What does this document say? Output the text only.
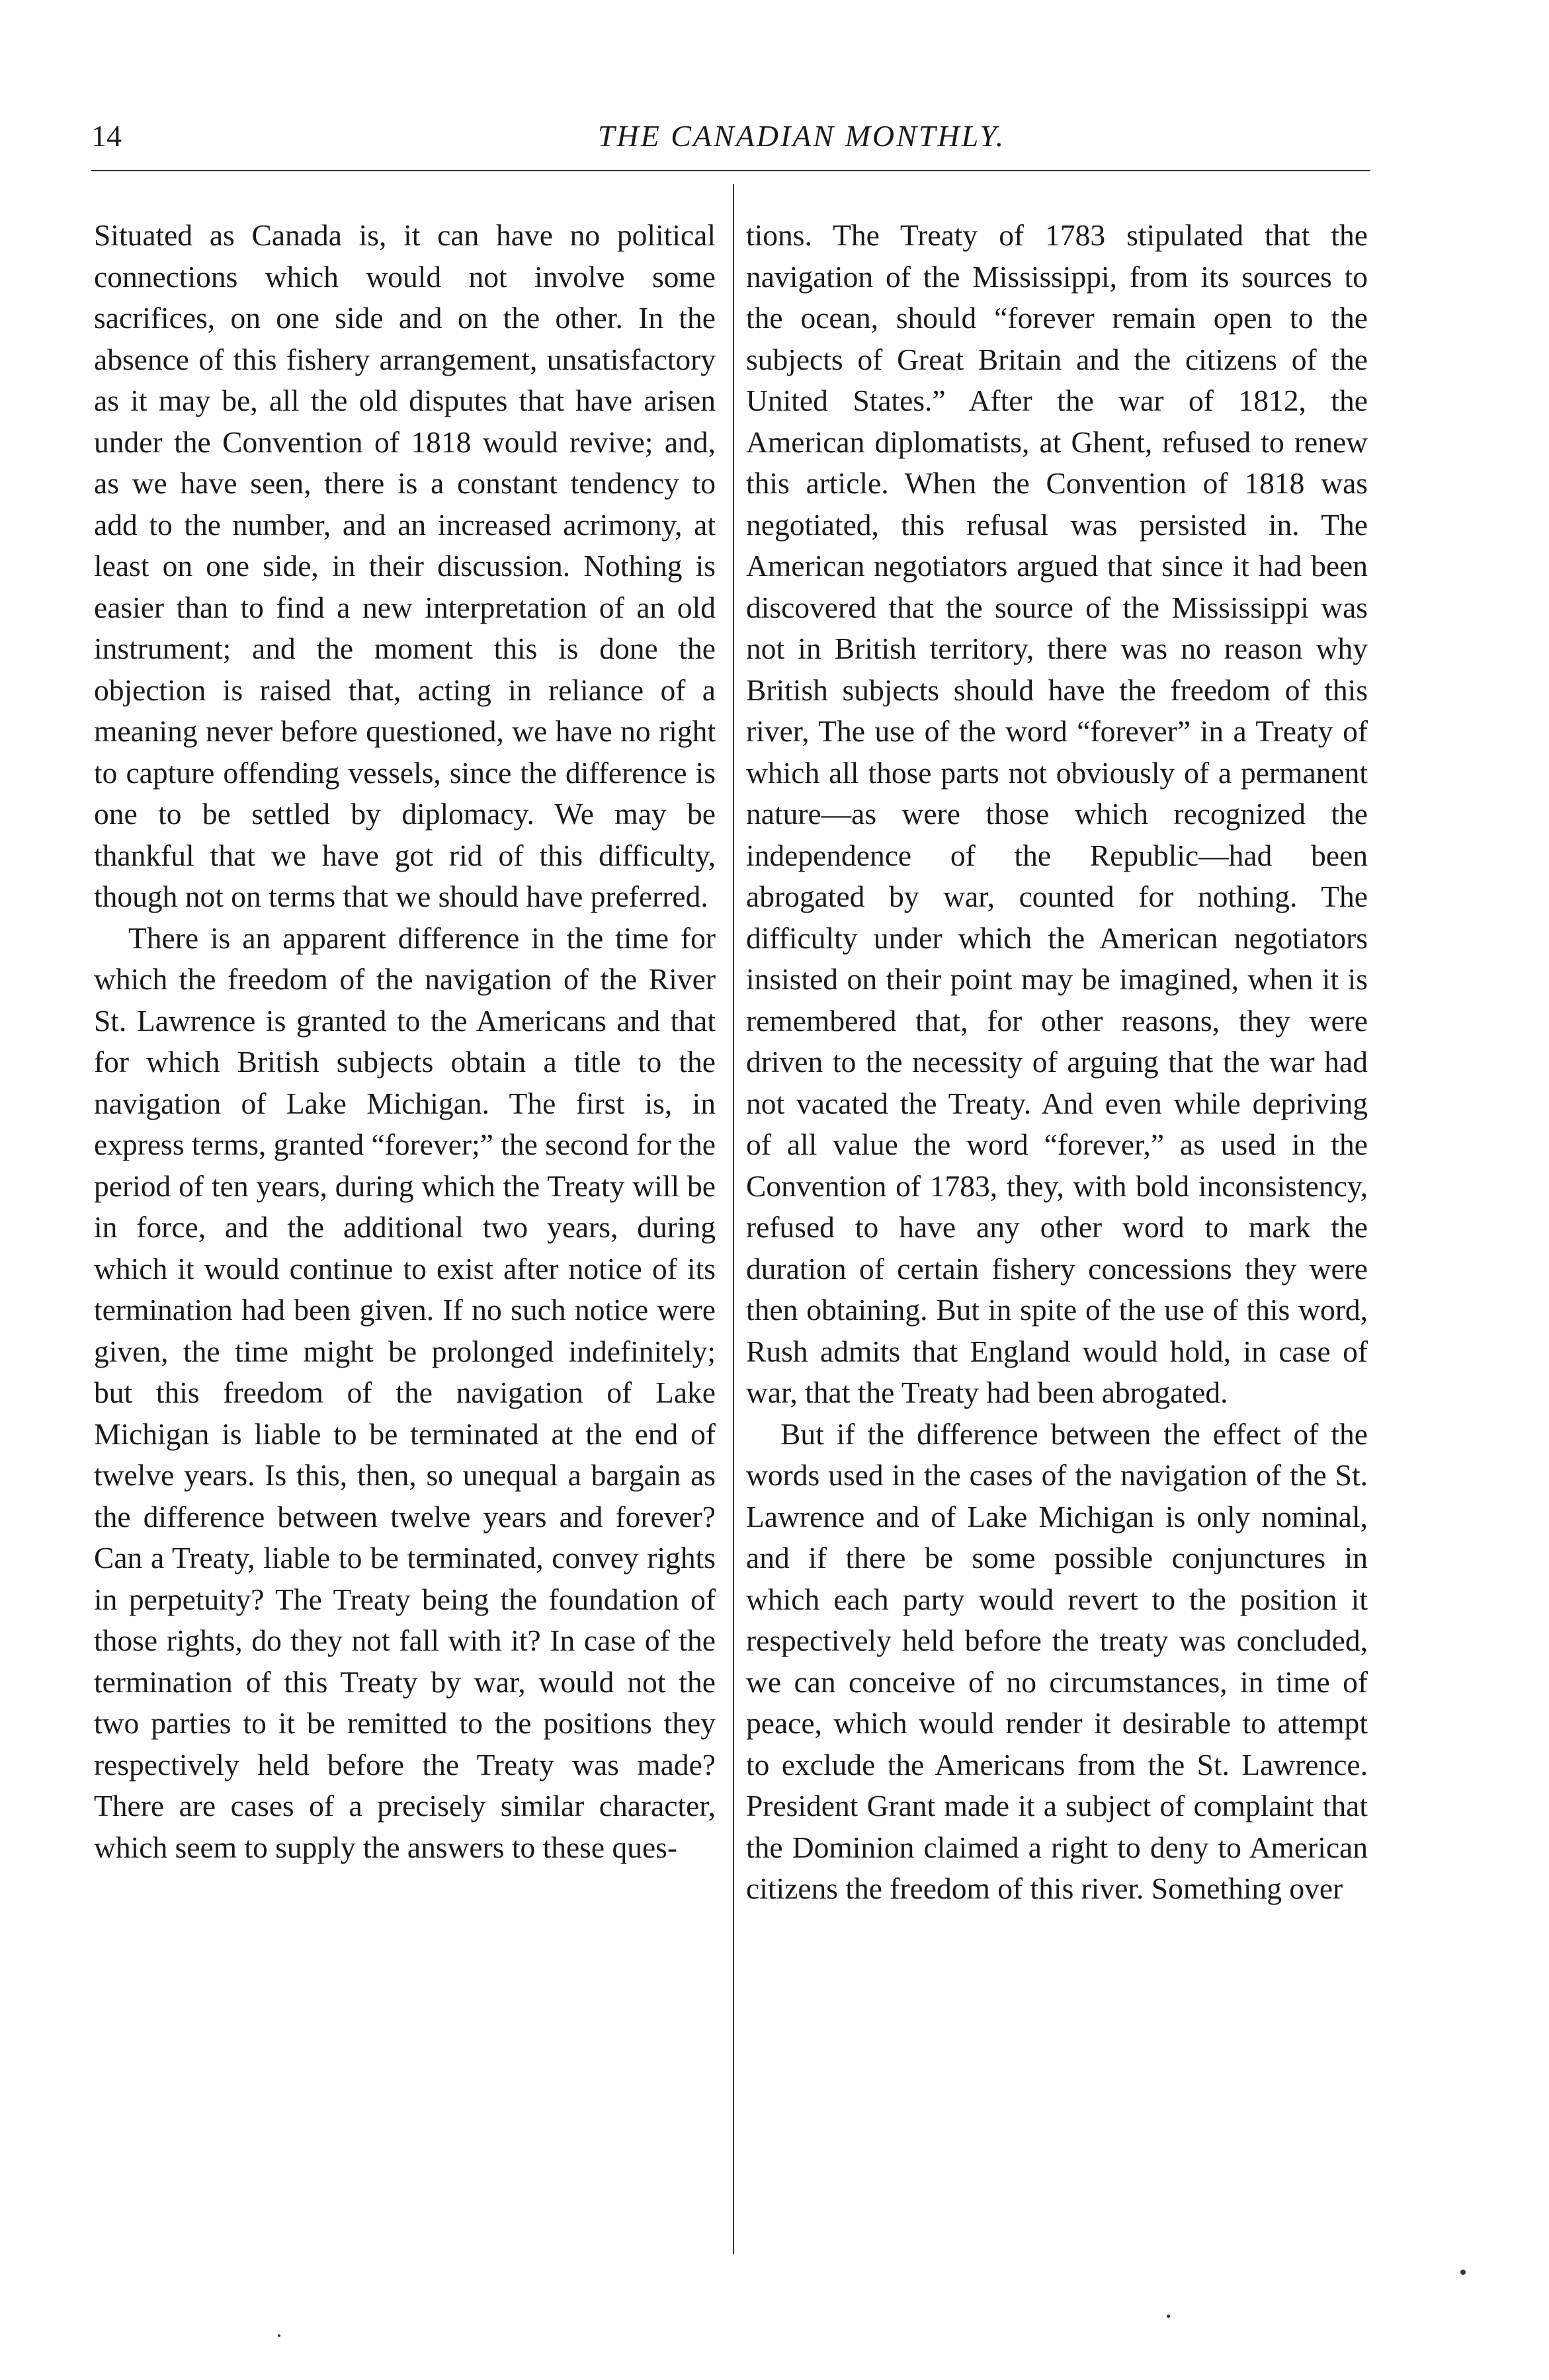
14	THE CANADIAN MONTHLY.

Situated as Canada is, it can have no political connections which would not involve some sacrifices, on one side and on the other. In the absence of this fishery arrangement, unsatisfactory as it may be, all the old disputes that have arisen under the Convention of 1818 would revive; and, as we have seen, there is a constant tendency to add to the number, and an increased acrimony, at least on one side, in their discussion. Nothing is easier than to find a new interpretation of an old instrument; and the moment this is done the objection is raised that, acting in reliance of a meaning never before questioned, we have no right to capture offending vessels, since the difference is one to be settled by diplomacy. We may be thankful that we have got rid of this difficulty, though not on terms that we should have preferred.

There is an apparent difference in the time for which the freedom of the navigation of the River St. Lawrence is granted to the Americans and that for which British subjects obtain a title to the navigation of Lake Michigan. The first is, in express terms, granted “forever;” the second for the period of ten years, during which the Treaty will be in force, and the additional two years, during which it would continue to exist after notice of its termination had been given. If no such notice were given, the time might be prolonged indefinitely; but this freedom of the navigation of Lake Michigan is liable to be terminated at the end of twelve years. Is this, then, so unequal a bargain as the difference between twelve years and forever? Can a Treaty, liable to be terminated, convey rights in perpetuity? The Treaty being the foundation of those rights, do they not fall with it? In case of the termination of this Treaty by war, would not the two parties to it be remitted to the positions they respectively held before the Treaty was made? There are cases of a precisely similar character, which seem to supply the answers to these ques-

tions. The Treaty of 1783 stipulated that the navigation of the Mississippi, from its sources to the ocean, should “forever remain open to the subjects of Great Britain and the citizens of the United States.” After the war of 1812, the American diplomatists, at Ghent, refused to renew this article. When the Convention of 1818 was negotiated, this refusal was persisted in. The American negotiators argued that since it had been discovered that the source of the Mississippi was not in British territory, there was no reason why British subjects should have the freedom of this river, The use of the word “forever” in a Treaty of which all those parts not obviously of a permanent nature—as were those which recognized the independence of the Republic—had been abrogated by war, counted for nothing. The difficulty under which the American negotiators insisted on their point may be imagined, when it is remembered that, for other reasons, they were driven to the necessity of arguing that the war had not vacated the Treaty. And even while depriving of all value the word “forever,” as used in the Convention of 1783, they, with bold inconsistency, refused to have any other word to mark the duration of certain fishery concessions they were then obtaining. But in spite of the use of this word, Rush admits that England would hold, in case of war, that the Treaty had been abrogated.

But if the difference between the effect of the words used in the cases of the navigation of the St. Lawrence and of Lake Michigan is only nominal, and if there be some possible conjunctures in which each party would revert to the position it respectively held before the treaty was concluded, we can conceive of no circumstances, in time of peace, which would render it desirable to attempt to exclude the Americans from the St. Lawrence. President Grant made it a subject of complaint that the Dominion claimed a right to deny to American citizens the freedom of this river. Something over
